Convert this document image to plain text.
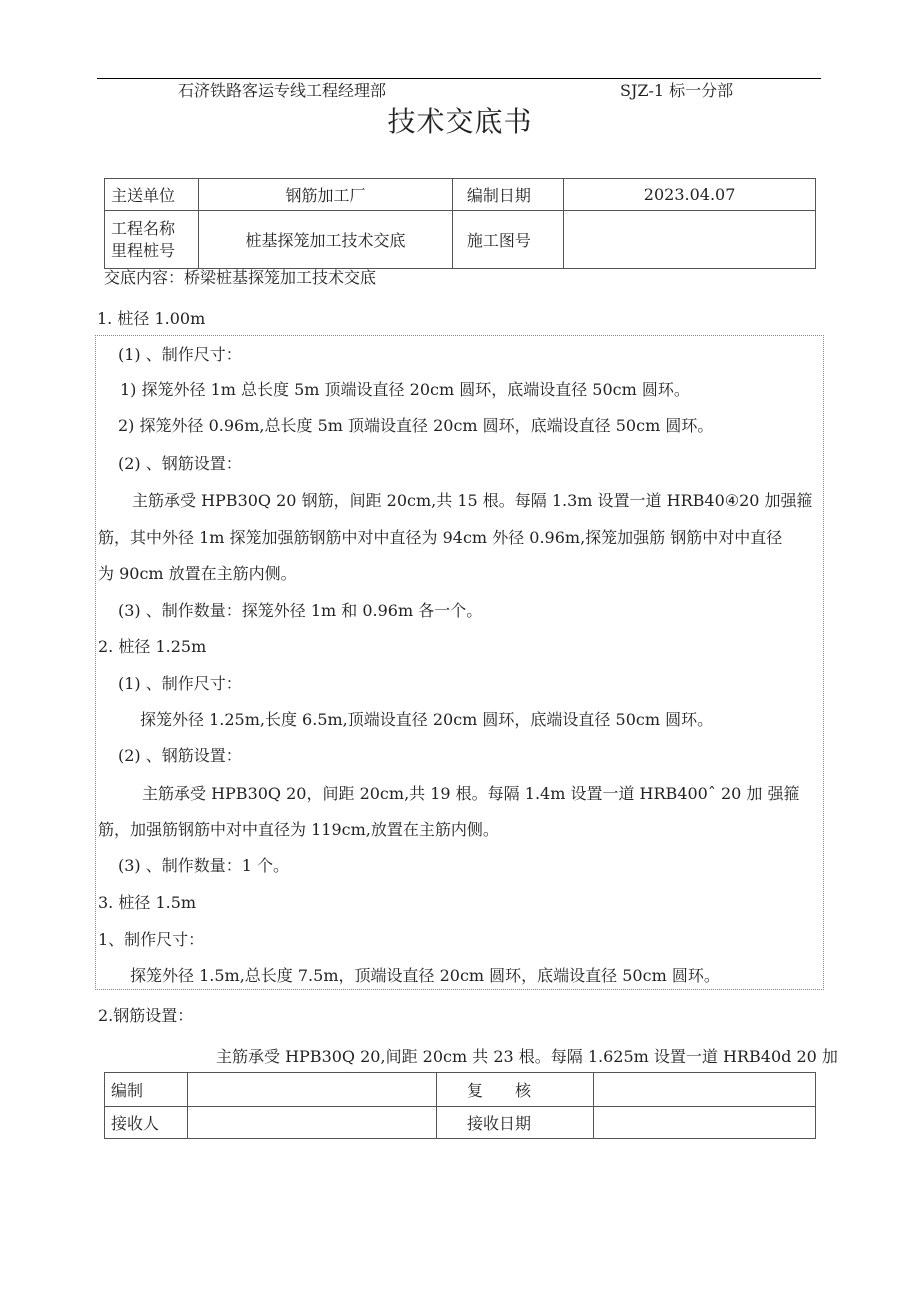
石济铁路客运专线工程经理部	SJZ-1 标一分部
技术交底书
主送单位	钢筋加工厂	编制日期	2023.04.07

工程名称
里程桩号	桩基探笼加工技术交底	施工图号	
交底内容：桥梁桩基探笼加工技术交底
1. 桩径 1.00m
(1) 、制作尺寸：
1) 探笼外径 1m 总长度 5m 顶端设直径 20cm 圆环，底端设直径 50cm 圆环。
2) 探笼外径 0.96m,总长度 5m 顶端设直径 20cm 圆环，底端设直径 50cm 圆环。
(2) 、钢筋设置：
主筋承受 HPB30Q 20 钢筋，间距 20cm,共 15 根。每隔 1.3m 设置一道 HRB40④20 加强箍
筋，其中外径 1m 探笼加强筋钢筋中对中直径为 94cm 外径 0.96m,探笼加强筋 钢筋中对中直径
为 90cm 放置在主筋内侧。
(3) 、制作数量：探笼外径 1m 和 0.96m 各一个。
2. 桩径 1.25m
(1) 、制作尺寸：
探笼外径 1.25m,长度 6.5m,顶端设直径 20cm 圆环，底端设直径 50cm 圆环。
(2) 、钢筋设置：
主筋承受 HPB30Q 20，间距 20cm,共 19 根。每隔 1.4m 设置一道 HRB400ˆ 20 加 强箍
筋，加强筋钢筋中对中直径为 119cm,放置在主筋内侧。
(3) 、制作数量：1 个。
3. 桩径 1.5m
1、制作尺寸：
探笼外径 1.5m,总长度 7.5m，顶端设直径 20cm 圆环，底端设直径 50cm 圆环。
2.钢筋设置：
主筋承受 HPB30Q 20,间距 20cm 共 23 根。每隔 1.625m 设置一道 HRB40d 20 加
编制		复　　核	
接收人		接收日期	
